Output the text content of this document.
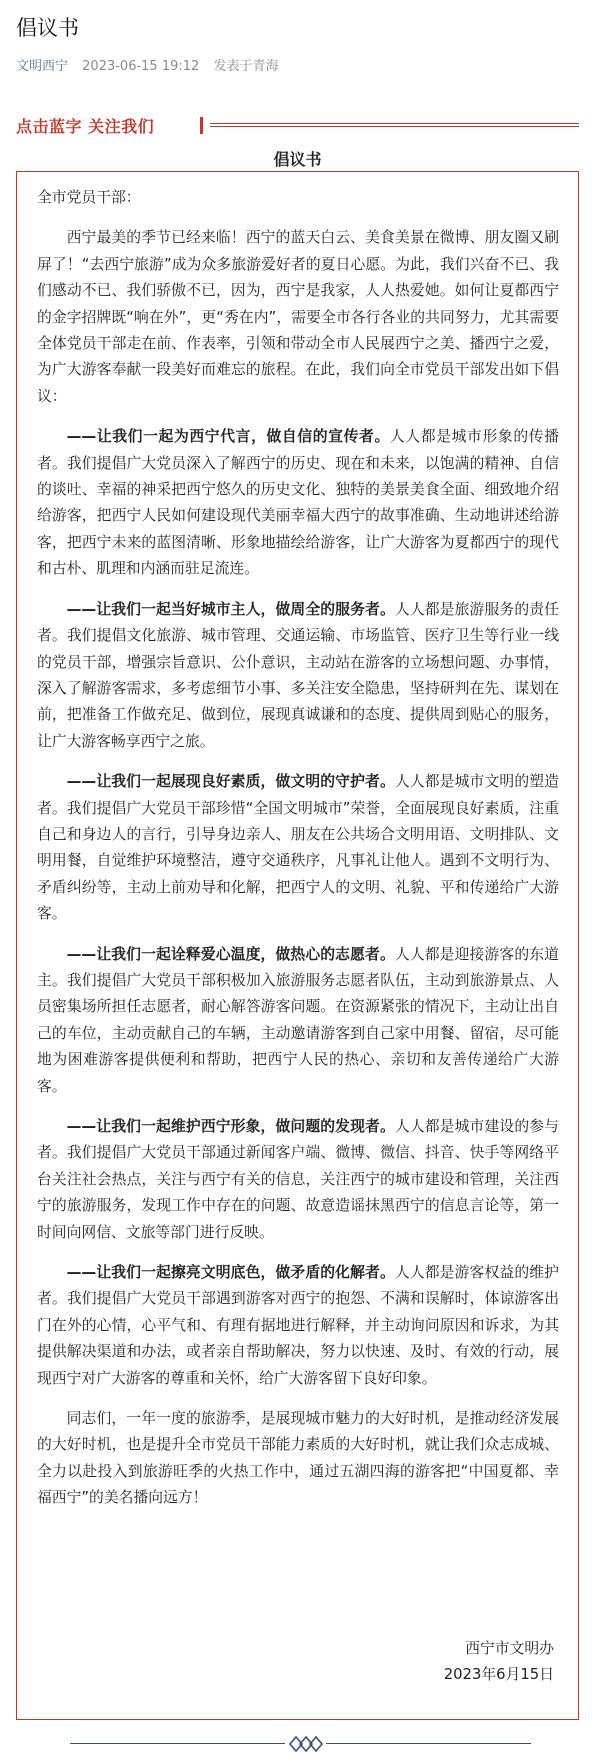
倡议书
文明西宁 2023-06-15 19:12 发表于青海
点击蓝字 关注我们
倡议书

全市党员干部：

西宁最美的季节已经来临！西宁的蓝天白云、美食美景在微博、朋友圈又刷屏了！“去西宁旅游”成为众多旅游爱好者的夏日心愿。为此，我们兴奋不已、我们感动不已、我们骄傲不已，因为，西宁是我家，人人热爱她。如何让夏都西宁的金字招牌既“响在外”，更“秀在内”，需要全市各行各业的共同努力，尤其需要全体党员干部走在前、作表率，引领和带动全市人民展西宁之美、播西宁之爱，为广大游客奉献一段美好而难忘的旅程。在此，我们向全市党员干部发出如下倡议：

——让我们一起为西宁代言，做自信的宣传者。人人都是城市形象的传播者。我们提倡广大党员深入了解西宁的历史、现在和未来，以饱满的精神、自信的谈吐、幸福的神采把西宁悠久的历史文化、独特的美景美食全面、细致地介绍给游客，把西宁人民如何建设现代美丽幸福大西宁的故事准确、生动地讲述给游客，把西宁未来的蓝图清晰、形象地描绘给游客，让广大游客为夏都西宁的现代和古朴、肌理和内涵而驻足流连。

——让我们一起当好城市主人，做周全的服务者。人人都是旅游服务的责任者。我们提倡文化旅游、城市管理、交通运输、市场监管、医疗卫生等行业一线的党员干部，增强宗旨意识、公仆意识，主动站在游客的立场想问题、办事情，深入了解游客需求，多考虑细节小事、多关注安全隐患，坚持研判在先、谋划在前，把准备工作做充足、做到位，展现真诚谦和的态度、提供周到贴心的服务，让广大游客畅享西宁之旅。

——让我们一起展现良好素质，做文明的守护者。人人都是城市文明的塑造者。我们提倡广大党员干部珍惜“全国文明城市”荣誉，全面展现良好素质，注重自己和身边人的言行，引导身边亲人、朋友在公共场合文明用语、文明排队、文明用餐，自觉维护环境整洁，遵守交通秩序，凡事礼让他人。遇到不文明行为、矛盾纠纷等，主动上前劝导和化解，把西宁人的文明、礼貌、平和传递给广大游客。

——让我们一起诠释爱心温度，做热心的志愿者。人人都是迎接游客的东道主。我们提倡广大党员干部积极加入旅游服务志愿者队伍，主动到旅游景点、人员密集场所担任志愿者，耐心解答游客问题。在资源紧张的情况下，主动让出自己的车位，主动贡献自己的车辆，主动邀请游客到自己家中用餐、留宿，尽可能地为困难游客提供便利和帮助，把西宁人民的热心、亲切和友善传递给广大游客。

——让我们一起维护西宁形象，做问题的发现者。人人都是城市建设的参与者。我们提倡广大党员干部通过新闻客户端、微博、微信、抖音、快手等网络平台关注社会热点，关注与西宁有关的信息，关注西宁的城市建设和管理，关注西宁的旅游服务，发现工作中存在的问题、故意造谣抹黑西宁的信息言论等，第一时间向网信、文旅等部门进行反映。

——让我们一起擦亮文明底色，做矛盾的化解者。人人都是游客权益的维护者。我们提倡广大党员干部遇到游客对西宁的抱怨、不满和误解时，体谅游客出门在外的心情，心平气和、有理有据地进行解释，并主动询问原因和诉求，为其提供解决渠道和办法，或者亲自帮助解决，努力以快速、及时、有效的行动，展现西宁对广大游客的尊重和关怀，给广大游客留下良好印象。

同志们，一年一度的旅游季，是展现城市魅力的大好时机，是推动经济发展的大好时机，也是提升全市党员干部能力素质的大好时机，就让我们众志成城、全力以赴投入到旅游旺季的火热工作中，通过五湖四海的游客把“中国夏都、幸福西宁”的美名播向远方！

西宁市文明办
2023年6月15日
